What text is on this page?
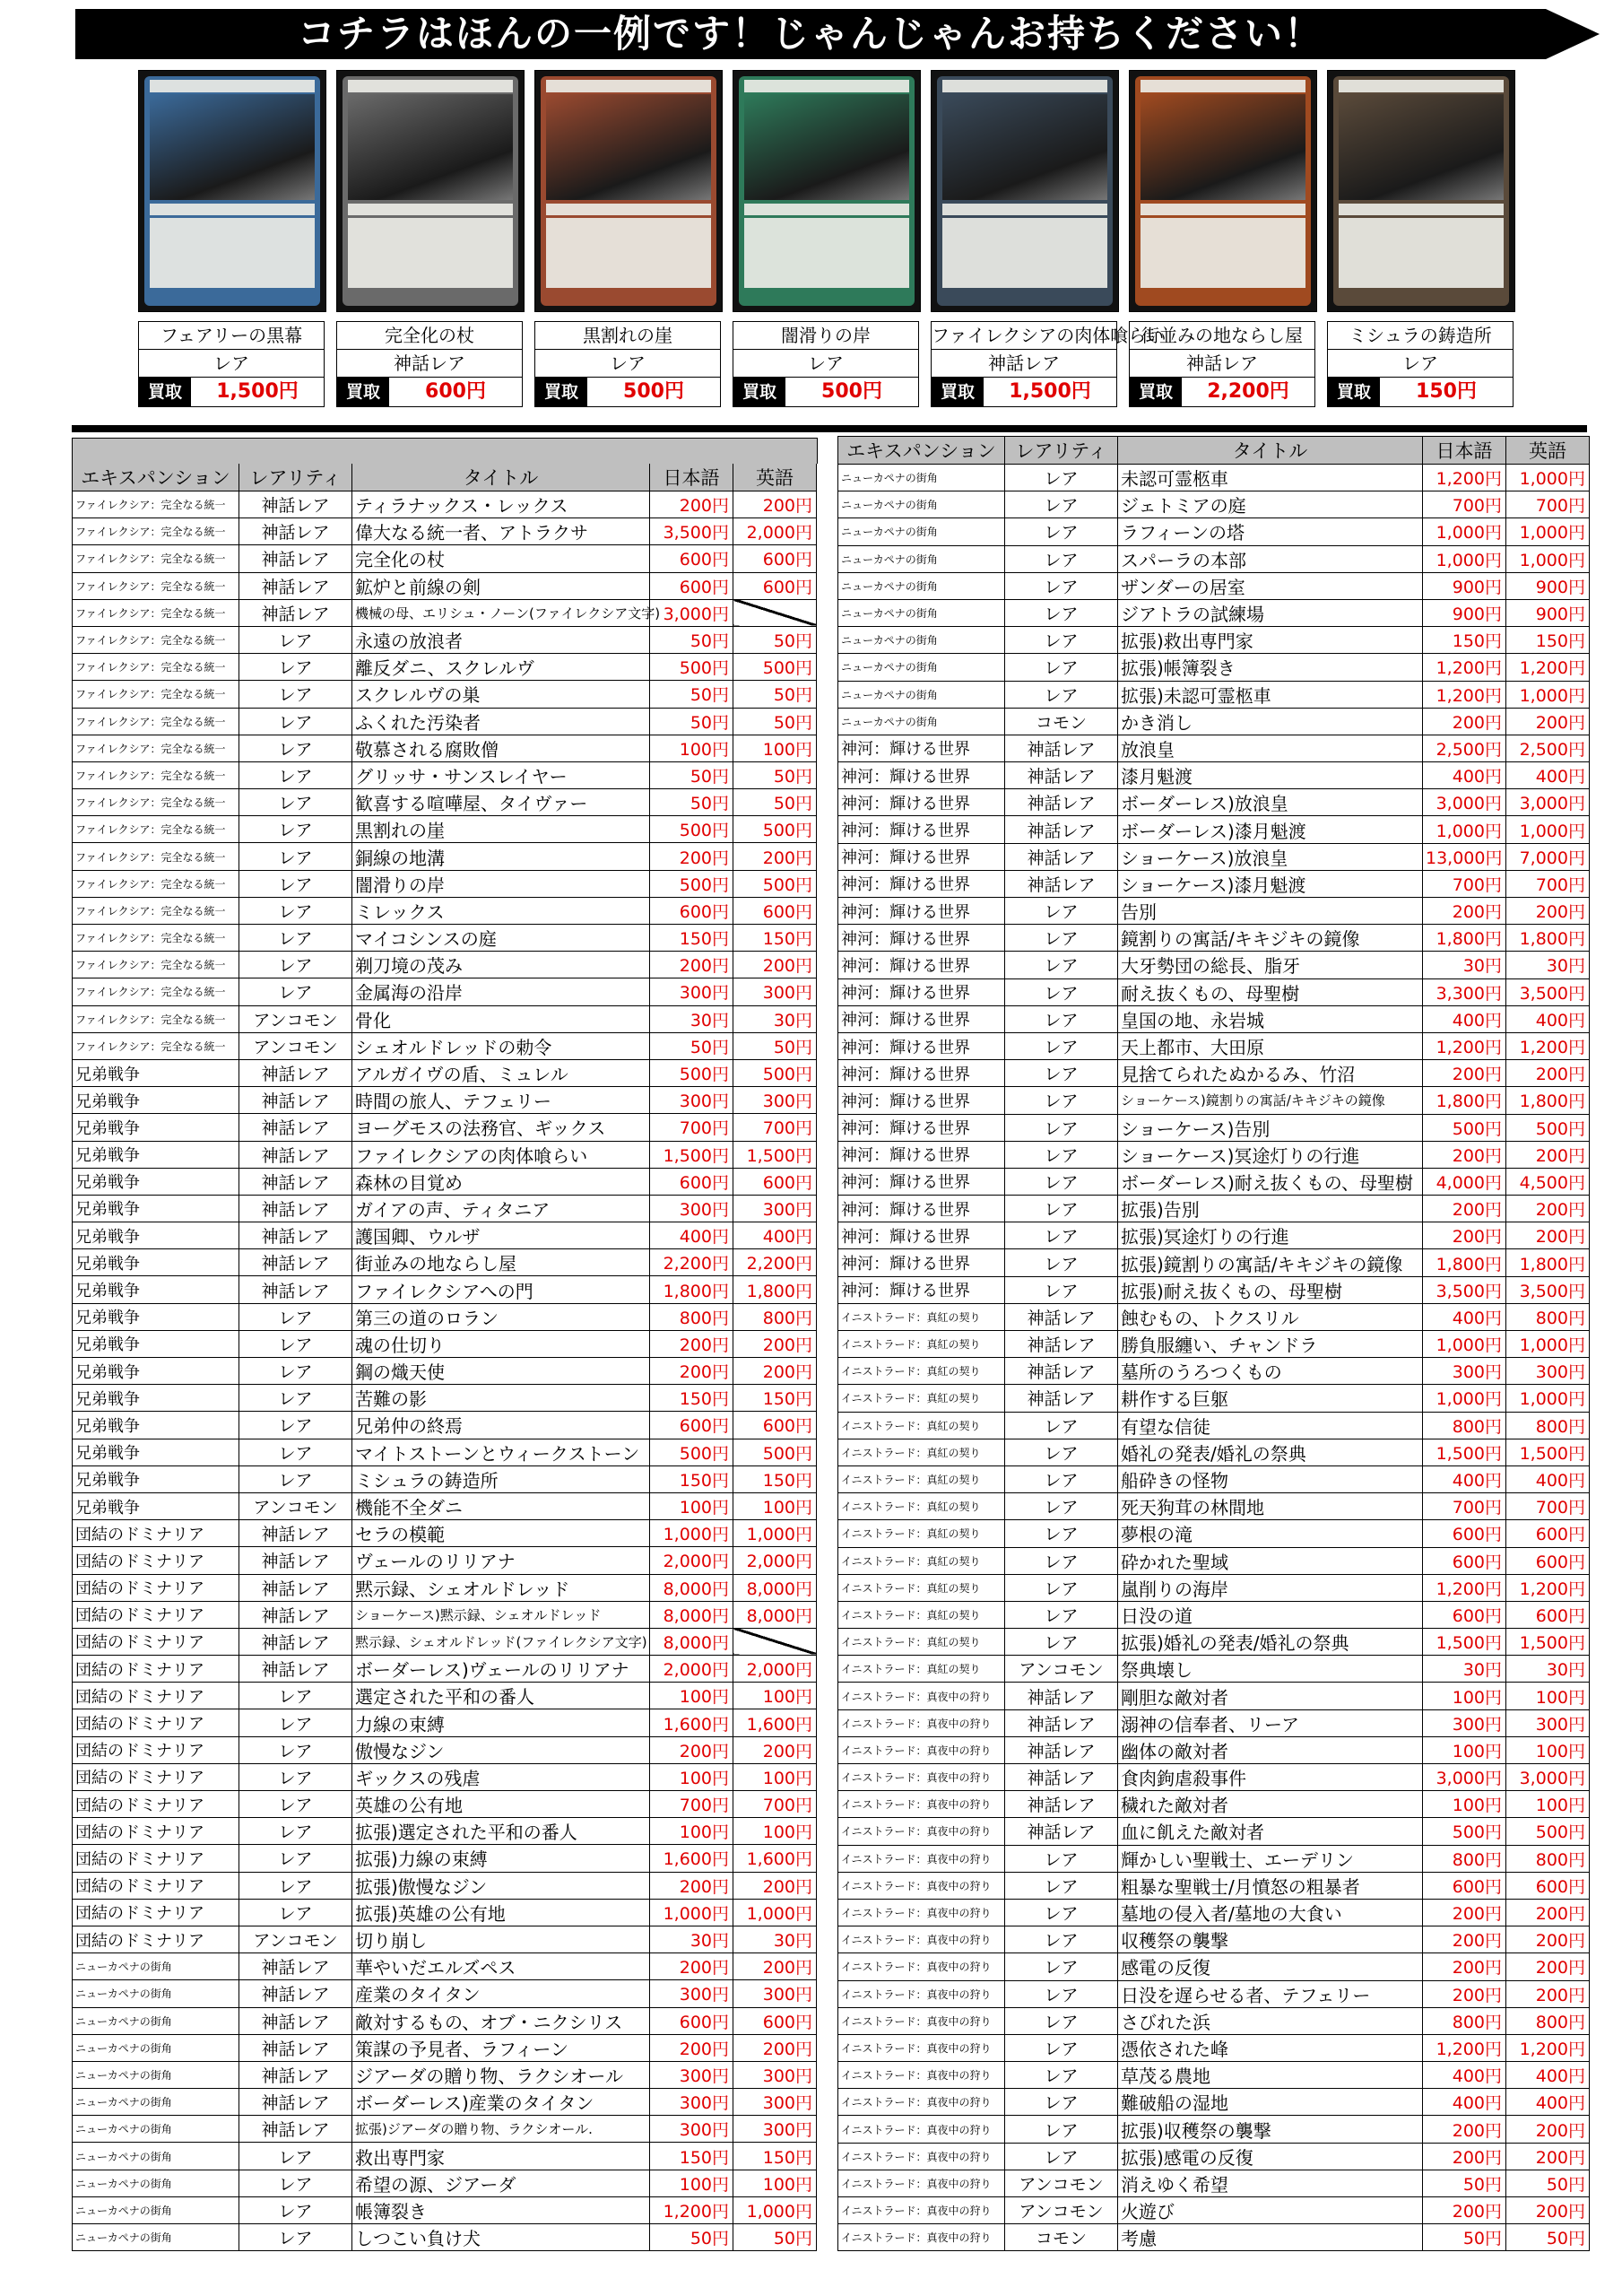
コチラはほんの一例です！じゃんじゃんお持ちください！
フェアリーの黒幕
レア
買取	1,500円
完全化の杖
神話レア
買取	600円
黒割れの崖
レア
買取	500円
闇滑りの岸
レア
買取	500円
ファイレクシアの肉体喰らい
神話レア
買取	1,500円
街並みの地ならし屋
神話レア
買取	2,200円
ミシュラの鋳造所
レア
買取	150円
エキスパンション	レアリティ	タイトル	日本語	英語
ファイレクシア：完全なる統一	神話レア	ティラナックス・レックス	200円	200円
ファイレクシア：完全なる統一	神話レア	偉大なる統一者、アトラクサ	3,500円	2,000円
ファイレクシア：完全なる統一	神話レア	完全化の杖	600円	600円
ファイレクシア：完全なる統一	神話レア	鉱炉と前線の剣	600円	600円
ファイレクシア：完全なる統一	神話レア	機械の母、エリシュ・ノーン(ファイレクシア文字)	3,000円	
ファイレクシア：完全なる統一	レア	永遠の放浪者	50円	50円
ファイレクシア：完全なる統一	レア	離反ダニ、スクレルヴ	500円	500円
ファイレクシア：完全なる統一	レア	スクレルヴの巣	50円	50円
ファイレクシア：完全なる統一	レア	ふくれた汚染者	50円	50円
ファイレクシア：完全なる統一	レア	敬慕される腐敗僧	100円	100円
ファイレクシア：完全なる統一	レア	グリッサ・サンスレイヤー	50円	50円
ファイレクシア：完全なる統一	レア	歓喜する喧嘩屋、タイヴァー	50円	50円
ファイレクシア：完全なる統一	レア	黒割れの崖	500円	500円
ファイレクシア：完全なる統一	レア	銅線の地溝	200円	200円
ファイレクシア：完全なる統一	レア	闇滑りの岸	500円	500円
ファイレクシア：完全なる統一	レア	ミレックス	600円	600円
ファイレクシア：完全なる統一	レア	マイコシンスの庭	150円	150円
ファイレクシア：完全なる統一	レア	剃刀境の茂み	200円	200円
ファイレクシア：完全なる統一	レア	金属海の沿岸	300円	300円
ファイレクシア：完全なる統一	アンコモン	骨化	30円	30円
ファイレクシア：完全なる統一	アンコモン	シェオルドレッドの勅令	50円	50円
兄弟戦争	神話レア	アルガイヴの盾、ミュレル	500円	500円
兄弟戦争	神話レア	時間の旅人、テフェリー	300円	300円
兄弟戦争	神話レア	ヨーグモスの法務官、ギックス	700円	700円
兄弟戦争	神話レア	ファイレクシアの肉体喰らい	1,500円	1,500円
兄弟戦争	神話レア	森林の目覚め	600円	600円
兄弟戦争	神話レア	ガイアの声、ティタニア	300円	300円
兄弟戦争	神話レア	護国卿、ウルザ	400円	400円
兄弟戦争	神話レア	街並みの地ならし屋	2,200円	2,200円
兄弟戦争	神話レア	ファイレクシアへの門	1,800円	1,800円
兄弟戦争	レア	第三の道のロラン	800円	800円
兄弟戦争	レア	魂の仕切り	200円	200円
兄弟戦争	レア	鋼の熾天使	200円	200円
兄弟戦争	レア	苦難の影	150円	150円
兄弟戦争	レア	兄弟仲の終焉	600円	600円
兄弟戦争	レア	マイトストーンとウィークストーン	500円	500円
兄弟戦争	レア	ミシュラの鋳造所	150円	150円
兄弟戦争	アンコモン	機能不全ダニ	100円	100円
団結のドミナリア	神話レア	セラの模範	1,000円	1,000円
団結のドミナリア	神話レア	ヴェールのリリアナ	2,000円	2,000円
団結のドミナリア	神話レア	黙示録、シェオルドレッド	8,000円	8,000円
団結のドミナリア	神話レア	ショーケース)黙示録、シェオルドレッド	8,000円	8,000円
団結のドミナリア	神話レア	黙示録、シェオルドレッド(ファイレクシア文字)	8,000円	
団結のドミナリア	神話レア	ボーダーレス)ヴェールのリリアナ	2,000円	2,000円
団結のドミナリア	レア	選定された平和の番人	100円	100円
団結のドミナリア	レア	力線の束縛	1,600円	1,600円
団結のドミナリア	レア	傲慢なジン	200円	200円
団結のドミナリア	レア	ギックスの残虐	100円	100円
団結のドミナリア	レア	英雄の公有地	700円	700円
団結のドミナリア	レア	拡張)選定された平和の番人	100円	100円
団結のドミナリア	レア	拡張)力線の束縛	1,600円	1,600円
団結のドミナリア	レア	拡張)傲慢なジン	200円	200円
団結のドミナリア	レア	拡張)英雄の公有地	1,000円	1,000円
団結のドミナリア	アンコモン	切り崩し	30円	30円
ニューカペナの街角	神話レア	華やいだエルズペス	200円	200円
ニューカペナの街角	神話レア	産業のタイタン	300円	300円
ニューカペナの街角	神話レア	敵対するもの、オブ・ニクシリス	600円	600円
ニューカペナの街角	神話レア	策謀の予見者、ラフィーン	200円	200円
ニューカペナの街角	神話レア	ジアーダの贈り物、ラクシオール	300円	300円
ニューカペナの街角	神話レア	ボーダーレス)産業のタイタン	300円	300円
ニューカペナの街角	神話レア	拡張)ジアーダの贈り物、ラクシオール.	300円	300円
ニューカペナの街角	レア	救出専門家	150円	150円
ニューカペナの街角	レア	希望の源、ジアーダ	100円	100円
ニューカペナの街角	レア	帳簿裂き	1,200円	1,000円
ニューカペナの街角	レア	しつこい負け犬	50円	50円
エキスパンション	レアリティ	タイトル	日本語	英語
ニューカペナの街角	レア	未認可霊柩車	1,200円	1,000円
ニューカペナの街角	レア	ジェトミアの庭	700円	700円
ニューカペナの街角	レア	ラフィーンの塔	1,000円	1,000円
ニューカペナの街角	レア	スパーラの本部	1,000円	1,000円
ニューカペナの街角	レア	ザンダーの居室	900円	900円
ニューカペナの街角	レア	ジアトラの試練場	900円	900円
ニューカペナの街角	レア	拡張)救出専門家	150円	150円
ニューカペナの街角	レア	拡張)帳簿裂き	1,200円	1,200円
ニューカペナの街角	レア	拡張)未認可霊柩車	1,200円	1,000円
ニューカペナの街角	コモン	かき消し	200円	200円
神河：輝ける世界	神話レア	放浪皇	2,500円	2,500円
神河：輝ける世界	神話レア	漆月魁渡	400円	400円
神河：輝ける世界	神話レア	ボーダーレス)放浪皇	3,000円	3,000円
神河：輝ける世界	神話レア	ボーダーレス)漆月魁渡	1,000円	1,000円
神河：輝ける世界	神話レア	ショーケース)放浪皇	13,000円	7,000円
神河：輝ける世界	神話レア	ショーケース)漆月魁渡	700円	700円
神河：輝ける世界	レア	告別	200円	200円
神河：輝ける世界	レア	鏡割りの寓話/キキジキの鏡像	1,800円	1,800円
神河：輝ける世界	レア	大牙勢団の総長、脂牙	30円	30円
神河：輝ける世界	レア	耐え抜くもの、母聖樹	3,300円	3,500円
神河：輝ける世界	レア	皇国の地、永岩城	400円	400円
神河：輝ける世界	レア	天上都市、大田原	1,200円	1,200円
神河：輝ける世界	レア	見捨てられたぬかるみ、竹沼	200円	200円
神河：輝ける世界	レア	ショーケース)鏡割りの寓話/キキジキの鏡像	1,800円	1,800円
神河：輝ける世界	レア	ショーケース)告別	500円	500円
神河：輝ける世界	レア	ショーケース)冥途灯りの行進	200円	200円
神河：輝ける世界	レア	ボーダーレス)耐え抜くもの、母聖樹	4,000円	4,500円
神河：輝ける世界	レア	拡張)告別	200円	200円
神河：輝ける世界	レア	拡張)冥途灯りの行進	200円	200円
神河：輝ける世界	レア	拡張)鏡割りの寓話/キキジキの鏡像	1,800円	1,800円
神河：輝ける世界	レア	拡張)耐え抜くもの、母聖樹	3,500円	3,500円
イニストラード：真紅の契り	神話レア	蝕むもの、トクスリル	400円	800円
イニストラード：真紅の契り	神話レア	勝負服纏い、チャンドラ	1,000円	1,000円
イニストラード：真紅の契り	神話レア	墓所のうろつくもの	300円	300円
イニストラード：真紅の契り	神話レア	耕作する巨躯	1,000円	1,000円
イニストラード：真紅の契り	レア	有望な信徒	800円	800円
イニストラード：真紅の契り	レア	婚礼の発表/婚礼の祭典	1,500円	1,500円
イニストラード：真紅の契り	レア	船砕きの怪物	400円	400円
イニストラード：真紅の契り	レア	死天狗茸の林間地	700円	700円
イニストラード：真紅の契り	レア	夢根の滝	600円	600円
イニストラード：真紅の契り	レア	砕かれた聖域	600円	600円
イニストラード：真紅の契り	レア	嵐削りの海岸	1,200円	1,200円
イニストラード：真紅の契り	レア	日没の道	600円	600円
イニストラード：真紅の契り	レア	拡張)婚礼の発表/婚礼の祭典	1,500円	1,500円
イニストラード：真紅の契り	アンコモン	祭典壊し	30円	30円
イニストラード：真夜中の狩り	神話レア	剛胆な敵対者	100円	100円
イニストラード：真夜中の狩り	神話レア	溺神の信奉者、リーア	300円	300円
イニストラード：真夜中の狩り	神話レア	幽体の敵対者	100円	100円
イニストラード：真夜中の狩り	神話レア	食肉鉤虐殺事件	3,000円	3,000円
イニストラード：真夜中の狩り	神話レア	穢れた敵対者	100円	100円
イニストラード：真夜中の狩り	神話レア	血に飢えた敵対者	500円	500円
イニストラード：真夜中の狩り	レア	輝かしい聖戦士、エーデリン	800円	800円
イニストラード：真夜中の狩り	レア	粗暴な聖戦士/月憤怒の粗暴者	600円	600円
イニストラード：真夜中の狩り	レア	墓地の侵入者/墓地の大食い	200円	200円
イニストラード：真夜中の狩り	レア	収穫祭の襲撃	200円	200円
イニストラード：真夜中の狩り	レア	感電の反復	200円	200円
イニストラード：真夜中の狩り	レア	日没を遅らせる者、テフェリー	200円	200円
イニストラード：真夜中の狩り	レア	さびれた浜	800円	800円
イニストラード：真夜中の狩り	レア	憑依された峰	1,200円	1,200円
イニストラード：真夜中の狩り	レア	草茂る農地	400円	400円
イニストラード：真夜中の狩り	レア	難破船の湿地	400円	400円
イニストラード：真夜中の狩り	レア	拡張)収穫祭の襲撃	200円	200円
イニストラード：真夜中の狩り	レア	拡張)感電の反復	200円	200円
イニストラード：真夜中の狩り	アンコモン	消えゆく希望	50円	50円
イニストラード：真夜中の狩り	アンコモン	火遊び	200円	200円
イニストラード：真夜中の狩り	コモン	考慮	50円	50円
